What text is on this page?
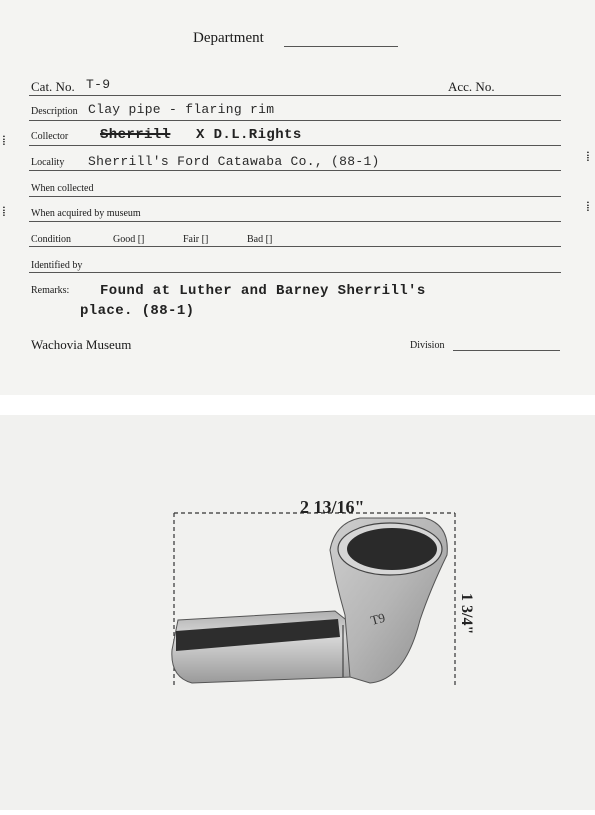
Department
Cat. No. T-9	Acc. No.
Description Clay pipe - flaring rim
Collector Sherrill X D.L.Rights
Locality Sherrill's Ford Catawaba Co., (88-1)
When collected
When acquired by museum
Condition	Good []	Fair []	Bad []
Identified by
Remarks: Found at Luther and Barney Sherrill's
place. (88-1)
Wachovia Museum	Division
⁞
⁞
⁞
⁞
2 13/16"
1 3/4"
T9
